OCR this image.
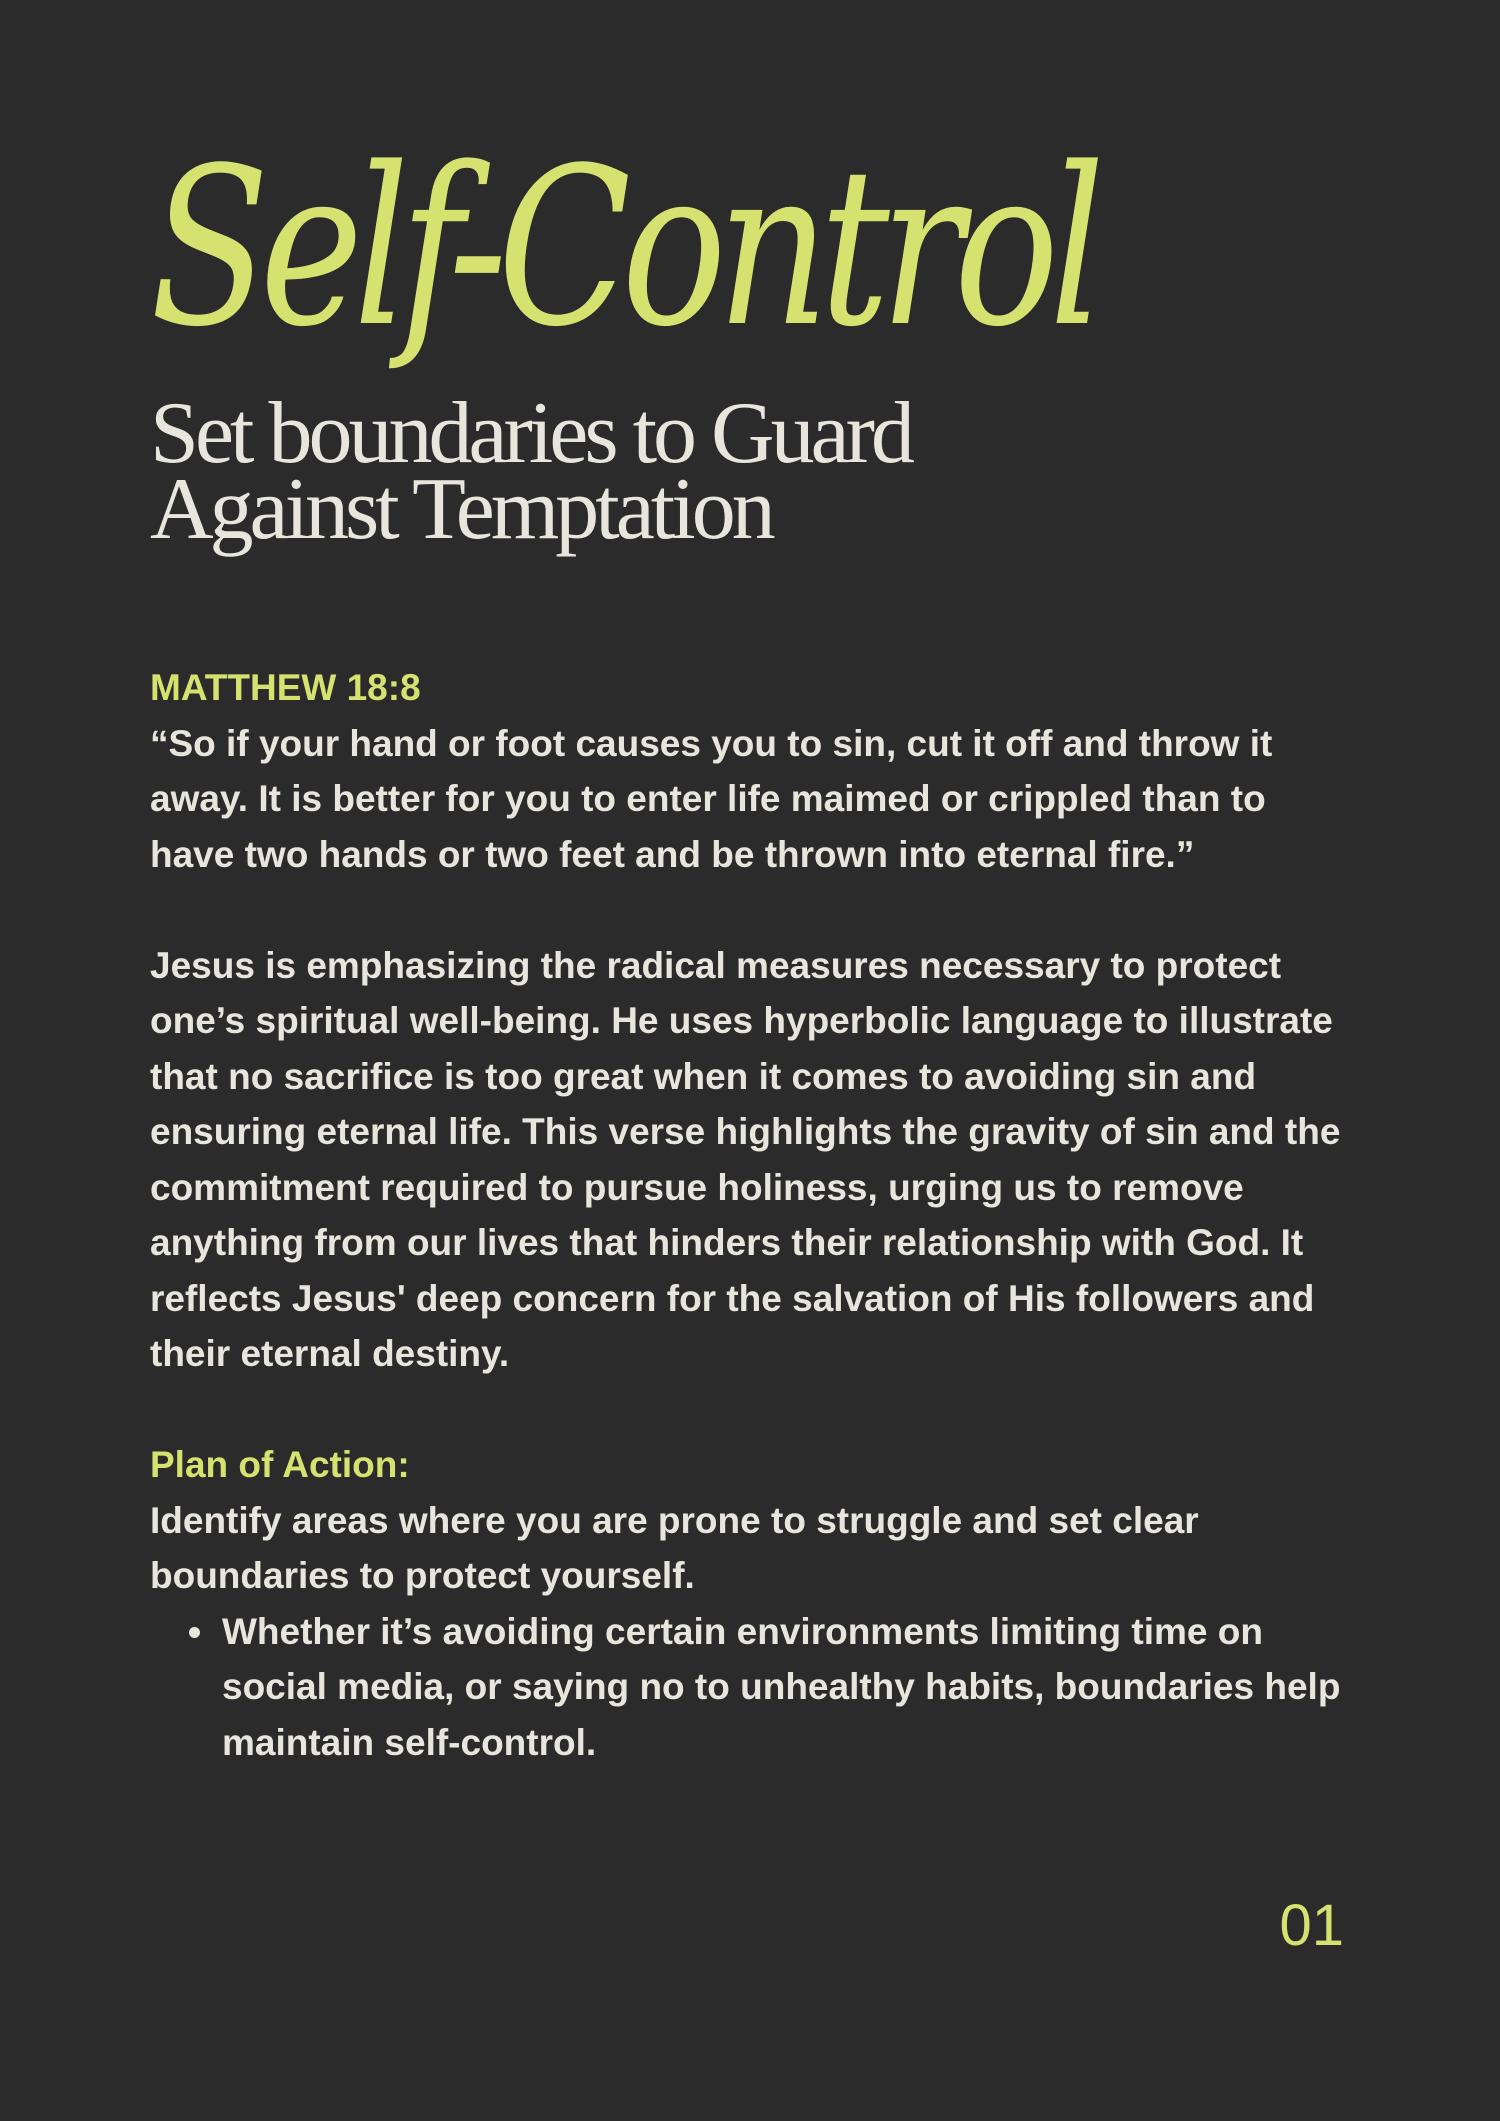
Self-Control
Set boundaries to Guard
Against Temptation
MATTHEW 18:8

“So if your hand or foot causes you to sin, cut it off and throw it away. It is better for you to enter life maimed or crippled than to have two hands or two feet and be thrown into eternal fire.”

Jesus is emphasizing the radical measures necessary to protect one’s spiritual well-being. He uses hyperbolic language to illustrate that no sacrifice is too great when it comes to avoiding sin and ensuring eternal life. This verse highlights the gravity of sin and the commitment required to pursue holiness, urging us to remove anything from our lives that hinders their relationship with God. It reflects Jesus' deep concern for the salvation of His followers and their eternal destiny.

Plan of Action:

Identify areas where you are prone to struggle and set clear boundaries to protect yourself.

Whether it’s avoiding certain environments limiting time on social media, or saying no to unhealthy habits, boundaries help maintain self-control.
01
